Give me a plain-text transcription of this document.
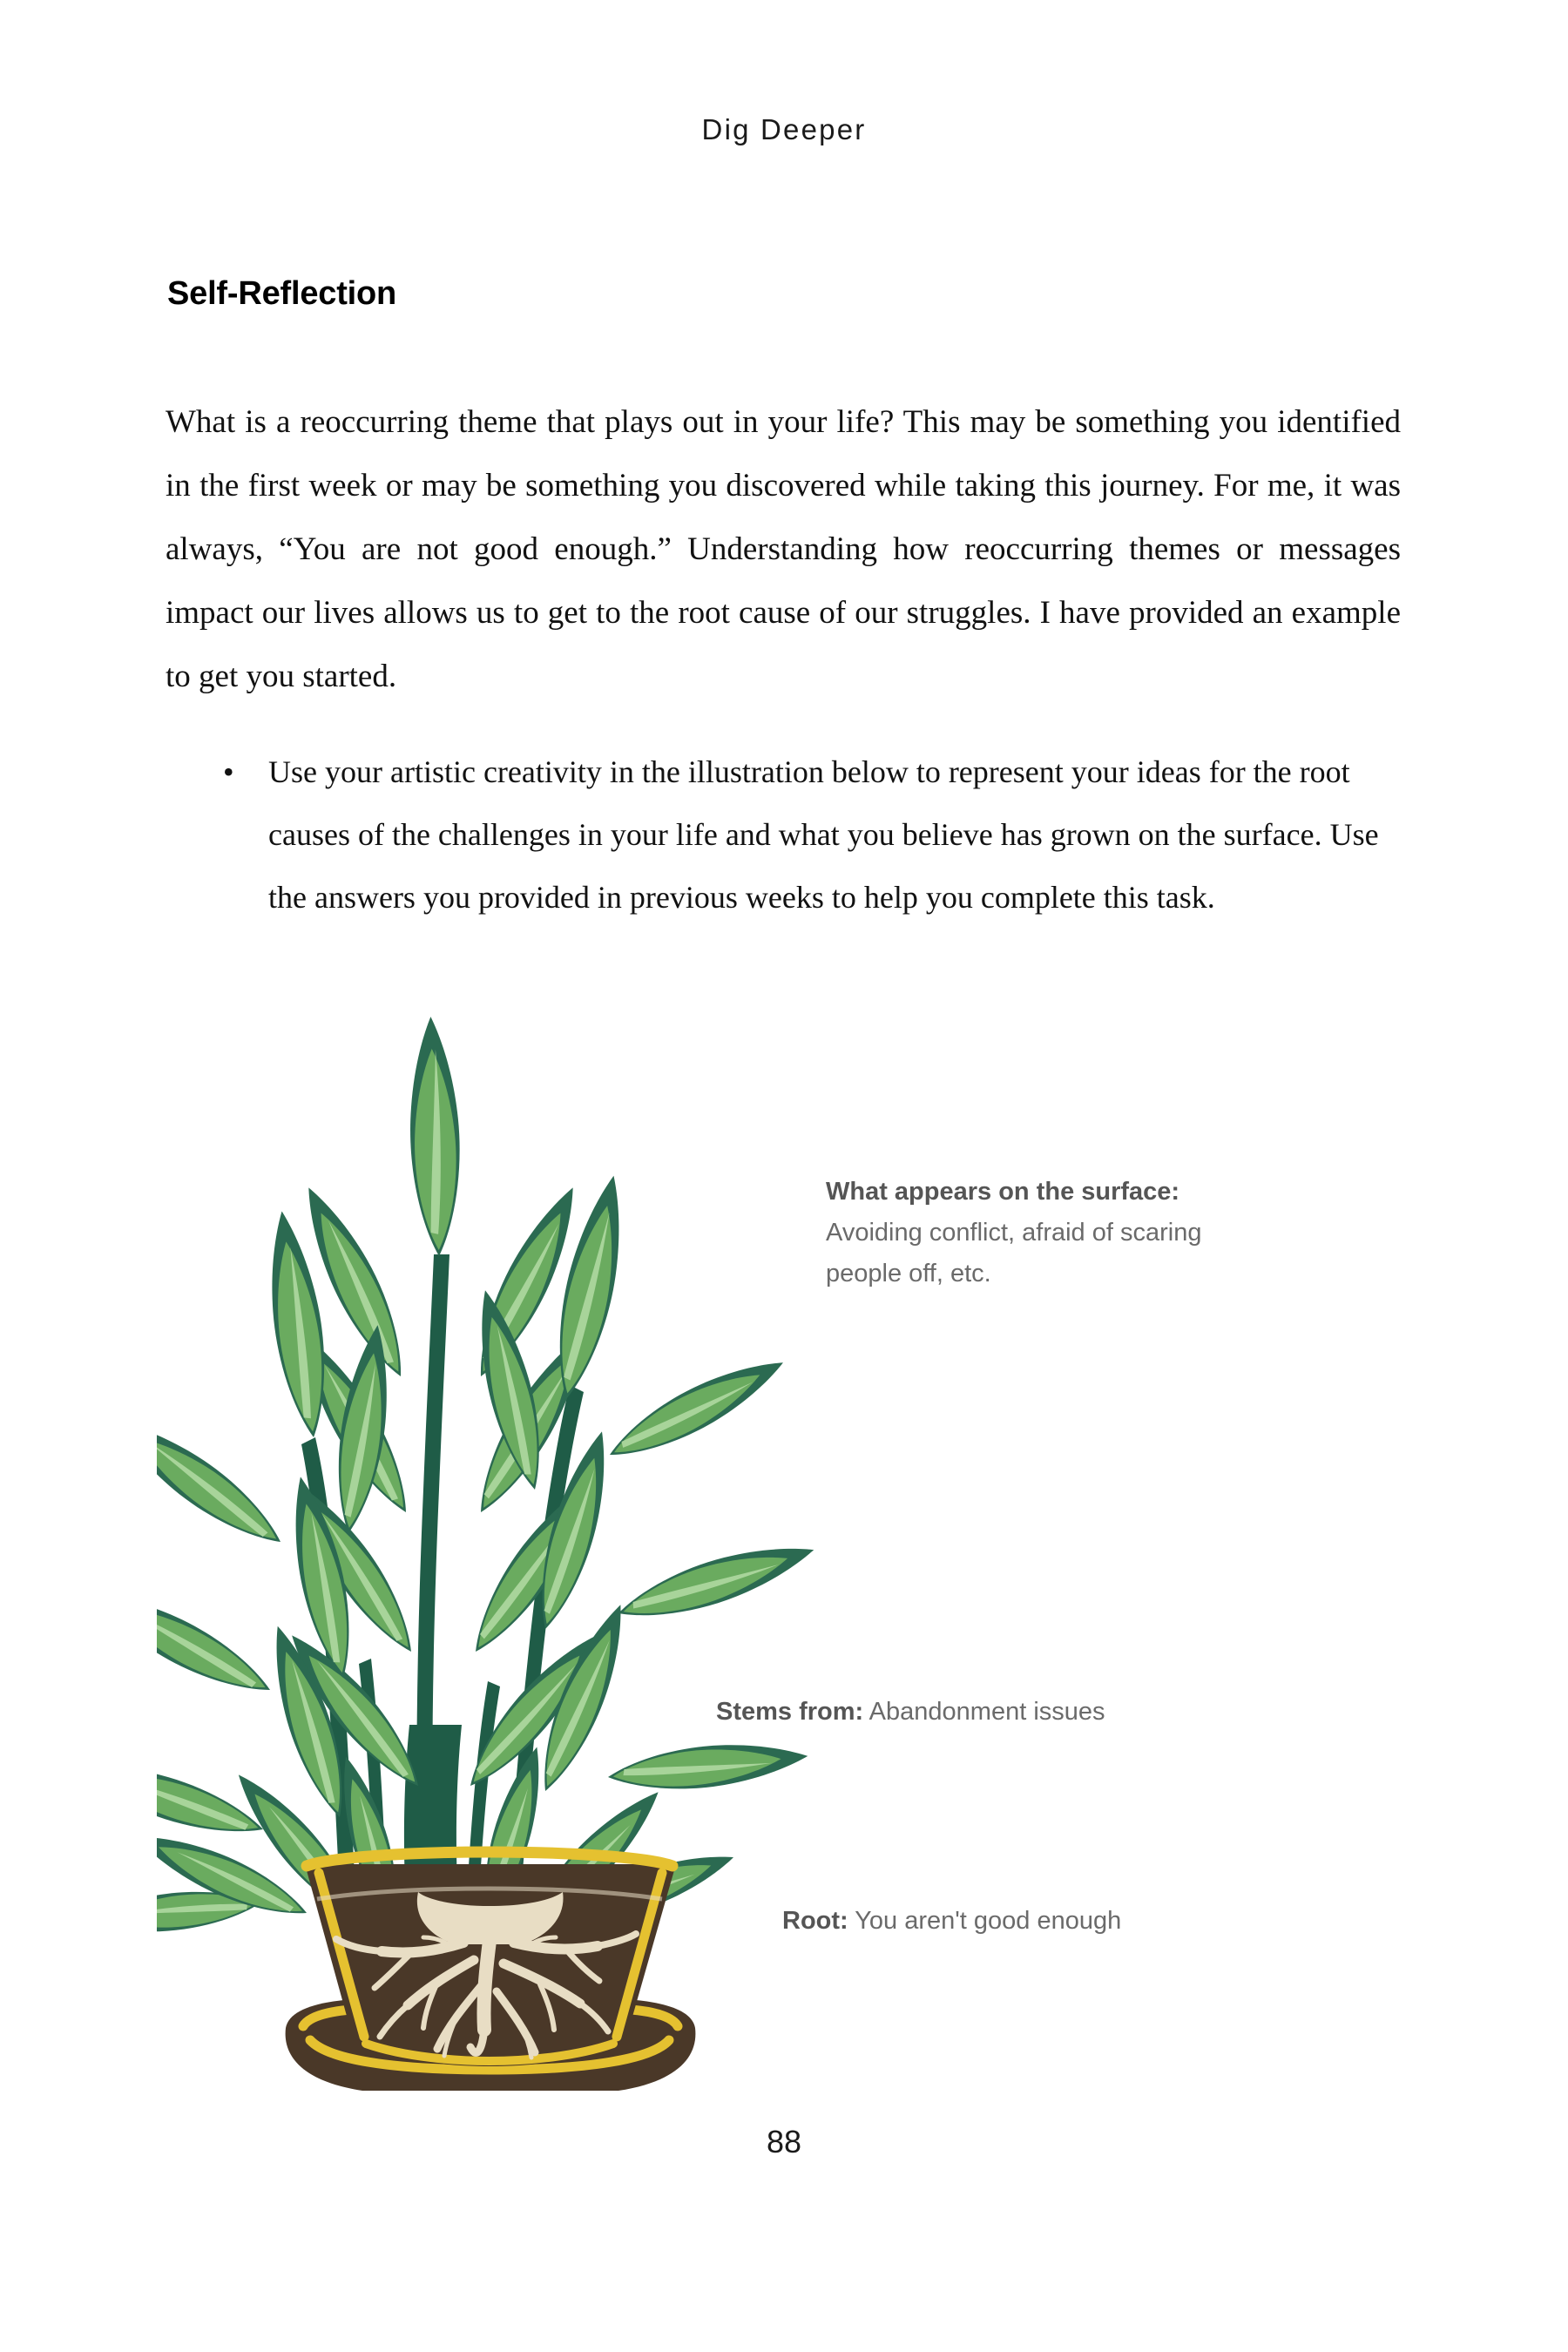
Dig Deeper
Self-Reflection
What is a reoccurring theme that plays out in your life? This may be something you identified in the first week or may be something you discovered while taking this journey. For me, it was always, “You are not good enough.” Understanding how reoccurring themes or messages impact our lives allows us to get to the root cause of our struggles. I have provided an example to get you started.
• Use your artistic creativity in the illustration below to represent your ideas for the root causes of the challenges in your life and what you believe has grown on the surface. Use the answers you provided in previous weeks to help you complete this task.
What appears on the surface:
Avoiding conflict, afraid of scaring people off, etc.
Stems from: Abandonment issues
Root: You aren't good enough
88
